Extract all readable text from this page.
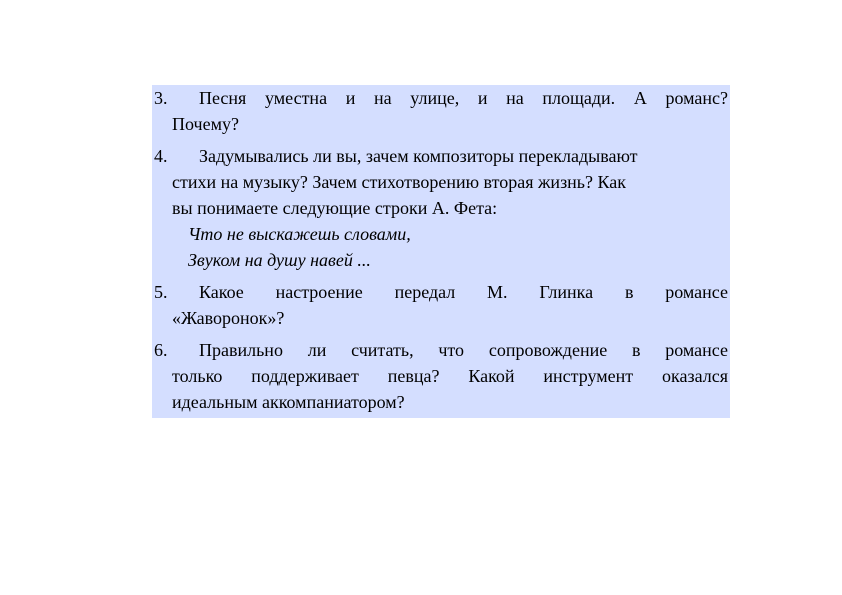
3.	Песня уместна и на улице, и на площади. А романс?
Почему?
4.	Задумывались ли вы, зачем композиторы перекладывают
стихи на музыку? Зачем стихотворению вторая жизнь? Как
вы понимаете следующие строки А. Фета:
Что не выскажешь словами,
Звуком на душу навей ...
5.	Какое настроение передал М. Глинка в романсе
«Жаворонок»?
6.	Правильно ли считать, что сопровождение в романсе
только поддерживает певца? Какой инструмент оказался
идеальным аккомпаниатором?
